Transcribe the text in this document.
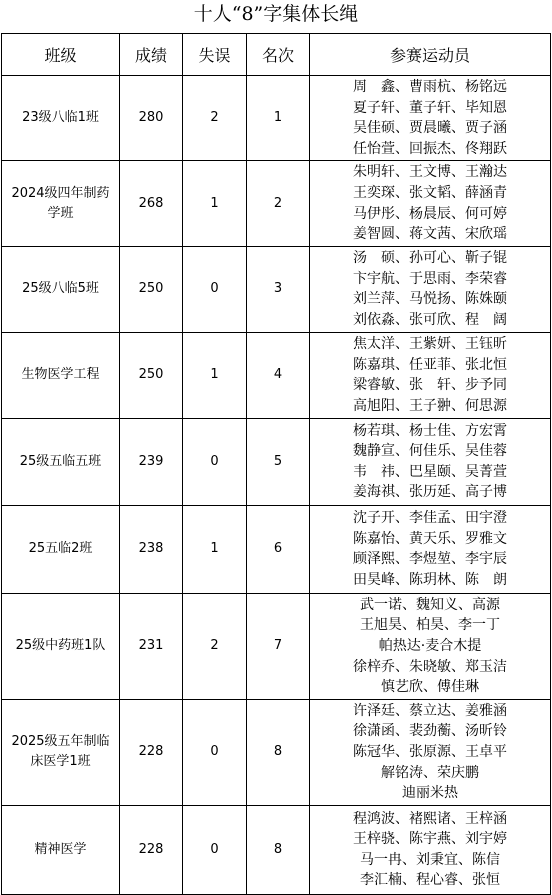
十人“8”字集体长绳
班级	成绩	失误	名次	参赛运动员
23级八临1班	280	2	1	周　鑫、曹雨杭、杨铭远
夏子轩、董子轩、毕知恩
吴佳硕、贾晨曦、贾子涵
任怡萱、回振杰、佟翔跃

2024级四年制药学班	268	1	2	朱明轩、王文博、王瀚达
王奕琛、张文韬、薛涵青
马伊彤、杨晨辰、何可婷
姜智圆、蒋文茜、宋欣瑶

25级八临5班	250	0	3	汤　硕、孙可心、靳子锟
卞宇航、于思雨、李荣睿
刘兰萍、马悦扬、陈姝颐
刘依淼、张可欣、程　阔

生物医学工程	250	1	4	焦太洋、王紫妍、王钰昕
陈嘉琪、任亚菲、张北恒
梁睿敏、张　轩、步予同
高旭阳、王子翀、何思源

25级五临五班	239	0	5	杨若琪、杨士佳、方宏霄
魏静宣、何佳乐、吴佳蓉
韦　祎、巴星颐、吴菁萱
姜海祺、张历延、高子博

25五临2班	238	1	6	沈子开、李佳孟、田宇澄
陈嘉怡、黄天乐、罗雅文
顾泽熙、李煜堃、李宇辰
田昊峰、陈玥林、陈　朗

25级中药班1队	231	2	7	武一诺、魏知义、高源
王旭昊、柏昊、李一丁
帕热达·麦合木提
徐梓乔、朱晓敏、郑玉洁
慎艺欣、傅佳琳

2025级五年制临床医学1班	228	0	8	许泽廷、蔡立达、姜雅涵
徐潇函、裴劲蘅、汤昕铃
陈冠华、张原源、王卓平
解铭涛、荣庆鹏
迪丽米热

精神医学	228	0	8	程鸿波、褚熙诸、王梓涵
王梓骁、陈宇燕、刘宇婷
马一冉、刘秉宜、陈信
李汇楠、程心睿、张恒
